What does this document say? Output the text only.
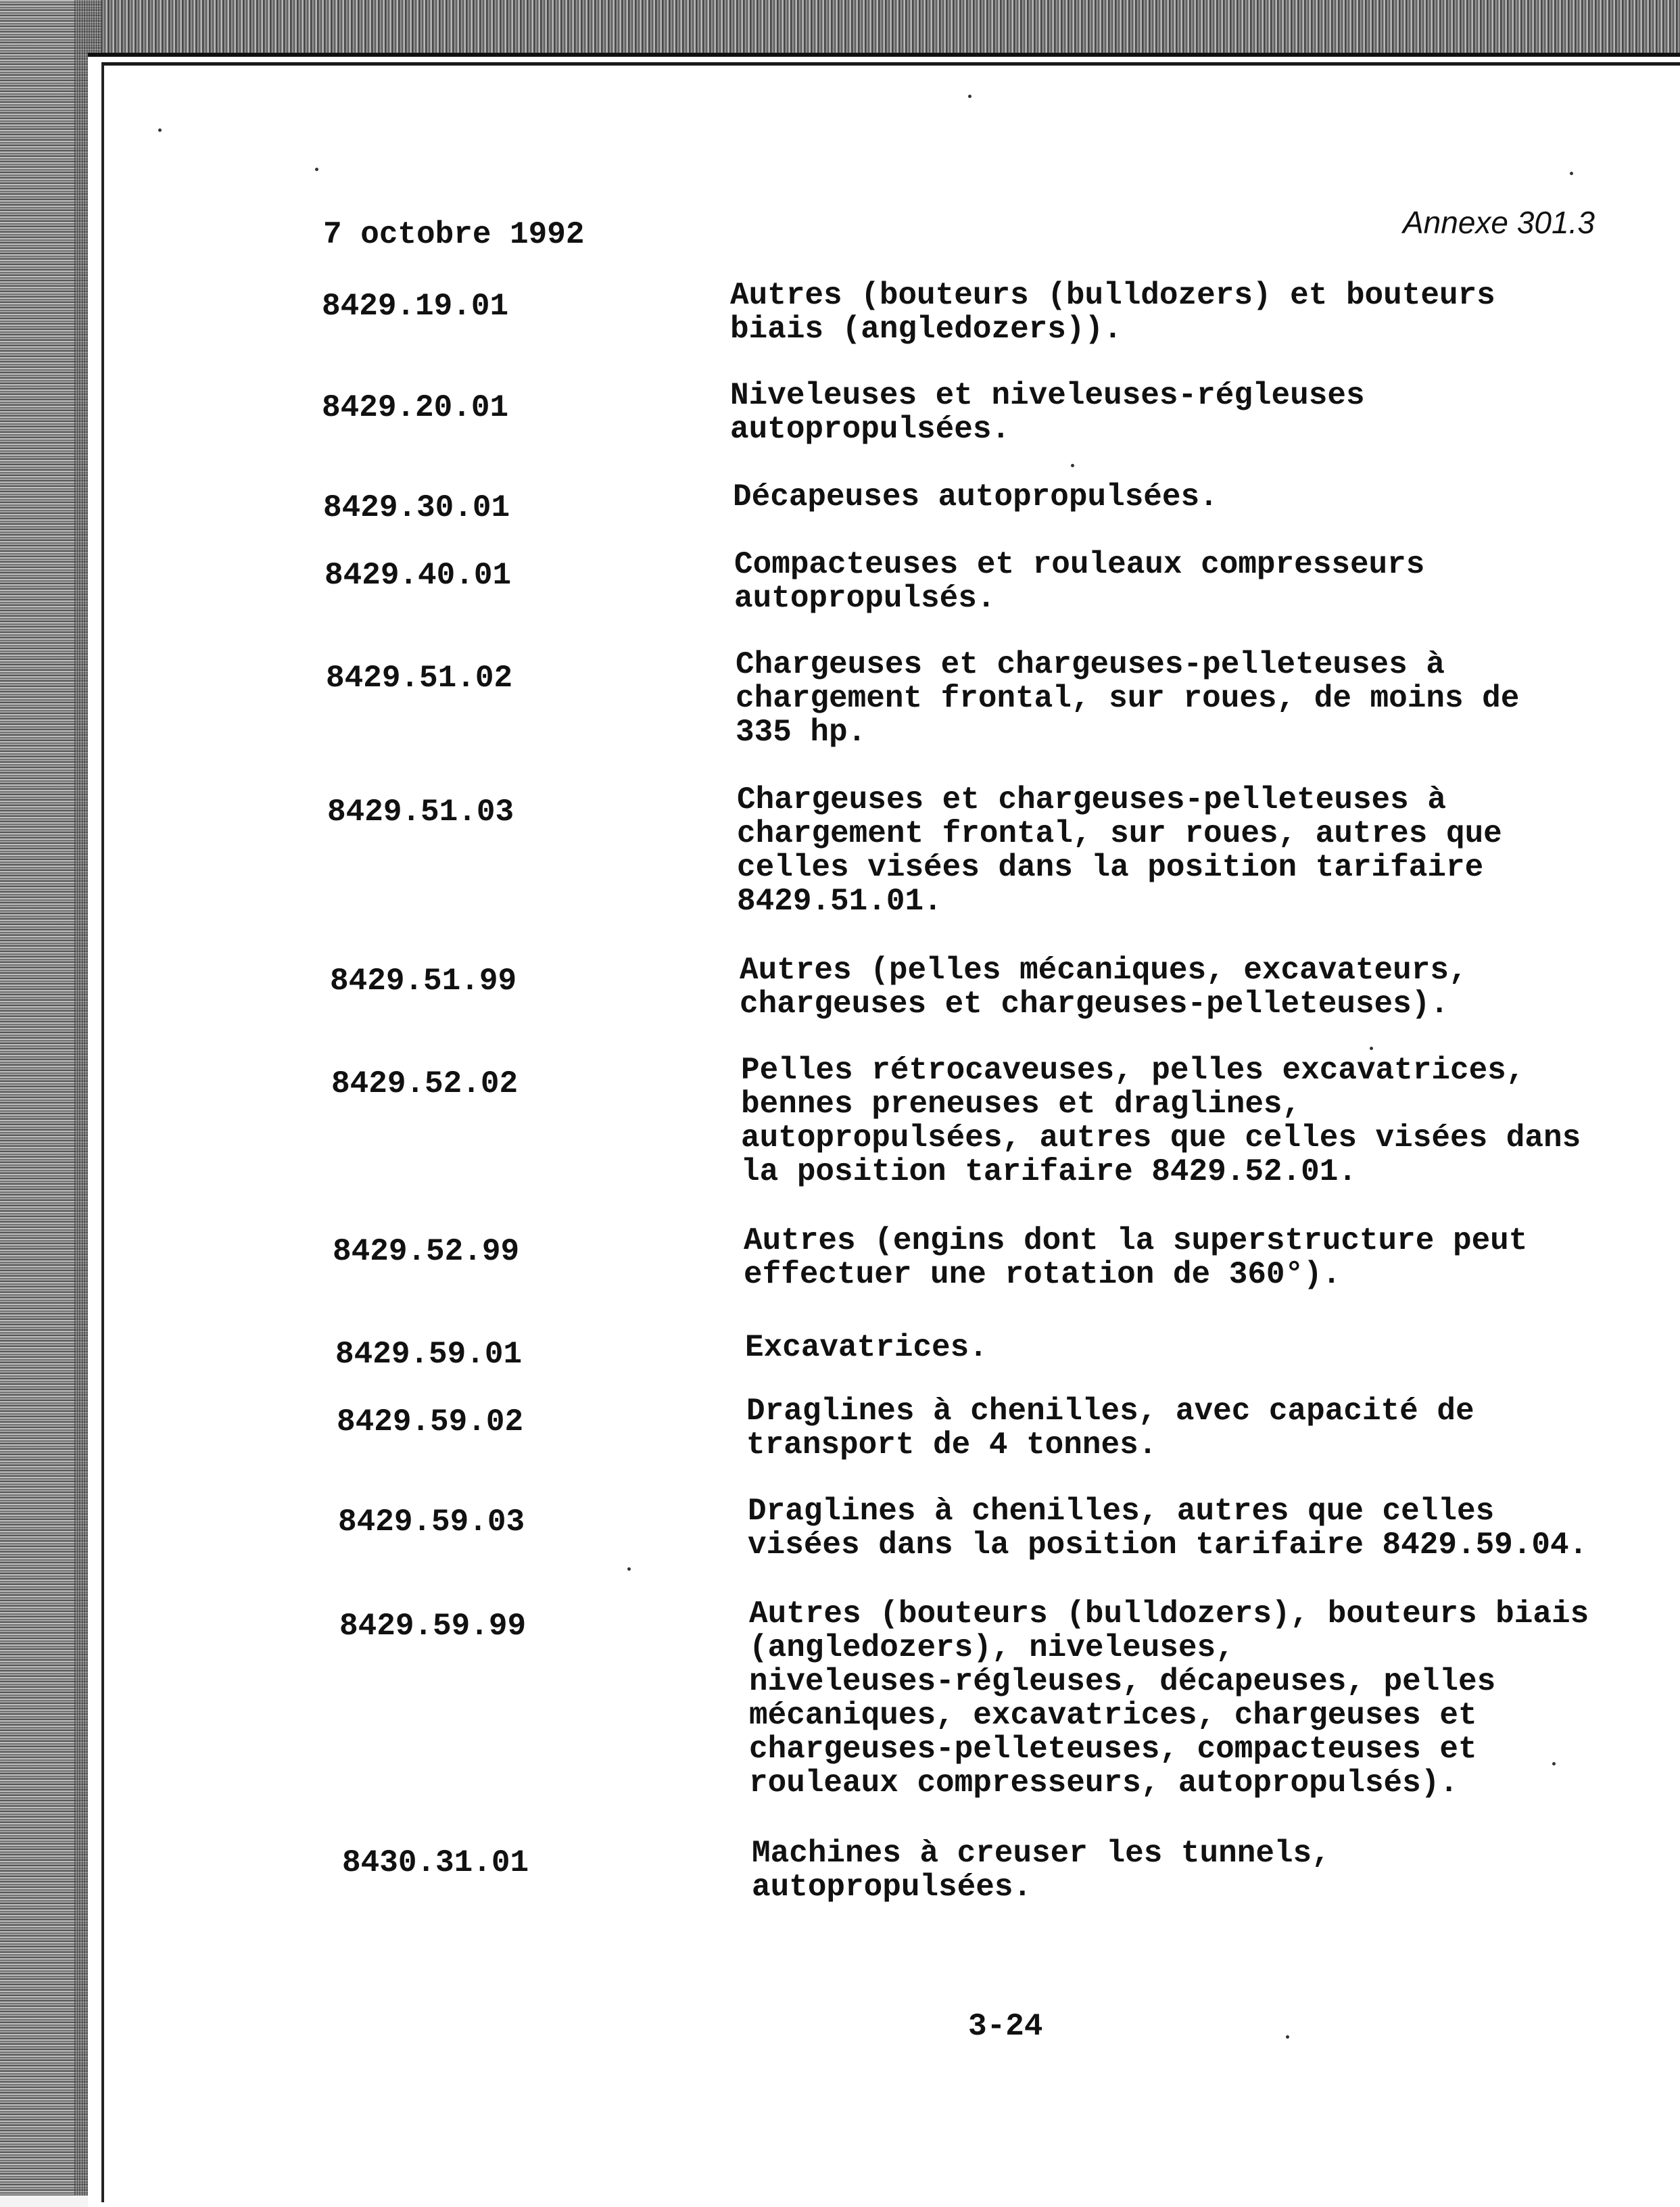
7 octobre 1992	Annexe 301.3
8429.19.01	Autres (bouteurs (bulldozers) et bouteurs
biais (angledozers)).
8429.20.01	Niveleuses et niveleuses-régleuses
autopropulsées.
8429.30.01	Décapeuses autopropulsées.
8429.40.01	Compacteuses et rouleaux compresseurs
autopropulsés.
8429.51.02	Chargeuses et chargeuses-pelleteuses à
chargement frontal, sur roues, de moins de
335 hp.
8429.51.03	Chargeuses et chargeuses-pelleteuses à
chargement frontal, sur roues, autres que
celles visées dans la position tarifaire
8429.51.01.
8429.51.99	Autres (pelles mécaniques, excavateurs,
chargeuses et chargeuses-pelleteuses).
8429.52.02	Pelles rétrocaveuses, pelles excavatrices,
bennes preneuses et draglines,
autopropulsées, autres que celles visées dans
la position tarifaire 8429.52.01.
8429.52.99	Autres (engins dont la superstructure peut
effectuer une rotation de 360°).
8429.59.01	Excavatrices.
8429.59.02	Draglines à chenilles, avec capacité de
transport de 4 tonnes.
8429.59.03	Draglines à chenilles, autres que celles
visées dans la position tarifaire 8429.59.04.
8429.59.99	Autres (bouteurs (bulldozers), bouteurs biais
(angledozers), niveleuses,
niveleuses-régleuses, décapeuses, pelles
mécaniques, excavatrices, chargeuses et
chargeuses-pelleteuses, compacteuses et
rouleaux compresseurs, autopropulsés).
8430.31.01	Machines à creuser les tunnels,
autopropulsées.
3-24
